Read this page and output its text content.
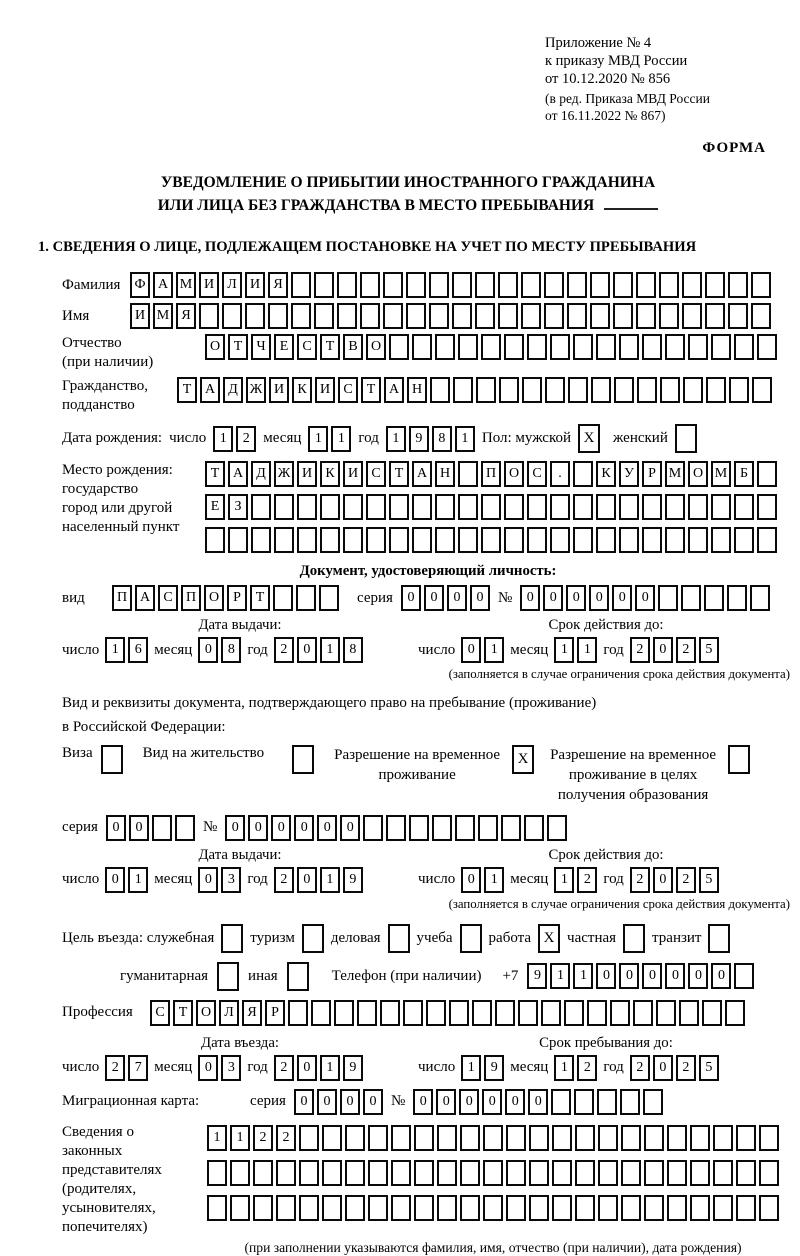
Приложение № 4
к приказу МВД России
от 10.12.2020 № 856
(в ред. Приказа МВД России
от 16.11.2022 № 867)
ФОРМА
УВЕДОМЛЕНИЕ О ПРИБЫТИИ ИНОСТРАННОГО ГРАЖДАНИНА
ИЛИ ЛИЦА БЕЗ ГРАЖДАНСТВА В МЕСТО ПРЕБЫВАНИЯ
1. СВЕДЕНИЯ О ЛИЦЕ, ПОДЛЕЖАЩЕМ ПОСТАНОВКЕ НА УЧЕТ ПО МЕСТУ ПРЕБЫВАНИЯ
Фамилия	Ф А М И Л И Я
Имя	И М Я
Отчество
(при наличии)
О Т	Ч	Е	С	Т	В О
Гражданство,
подданство
Т А Д Ж И К И С	Т А Н
Дата рождения: число 1	2 месяц 1	1 год 1	9	8	1 Пол: мужской X	женский
Место рождения:
государство
город или другой
населенный пункт
Т А Д Ж И К И С	Т А Н	П О С	.	К У	Р М О М Б
Е	З
Документ, удостоверяющий личность:
вид	П А С П О	Р	Т	серия	0	0	0	0 №	0	0	0	0	0	0
Дата выдачи:
число 1	6 месяц 0	8 год 2	0	1	8
Срок действия до:
число 0	1 месяц 1	1 год 2	0	2	5
(заполняется в случае ограничения срока действия документа)
Вид и реквизиты документа, подтверждающего право на пребывание (проживание)
в Российской Федерации:
Виза	Вид на жительство	Разрешение на временное
проживание
X	Разрешение на временное
проживание в целях
получения образования
серия	0	0	№	0	0	0	0	0	0
Дата выдачи:
число 0	1 месяц 0	3 год 2	0	1	9
Срок действия до:
число 0	1 месяц 1	2 год 2	0	2	5
(заполняется в случае ограничения срока действия документа)
Цель въезда: служебная туризм деловая учеба работа X частная транзит
гуманитарная	иная	Телефон (при наличии) +7	9	1	1	0	0	0	0	0	0
Профессия	С	Т О Л Я	Р
Дата въезда:
число 2	7 месяц 0	3 год 2	0	1	9
Срок пребывания до:
число 1	9 месяц 1	2 год 2	0	2	5
Миграционная карта:	серия	0	0	0	0 №	0	0	0	0	0	0
Сведения о
законных
представителях
(родителях,
усыновителях,
попечителях)
1	1	2	2
(при заполнении указываются фамилия, имя, отчество (при наличии), дата рождения)
